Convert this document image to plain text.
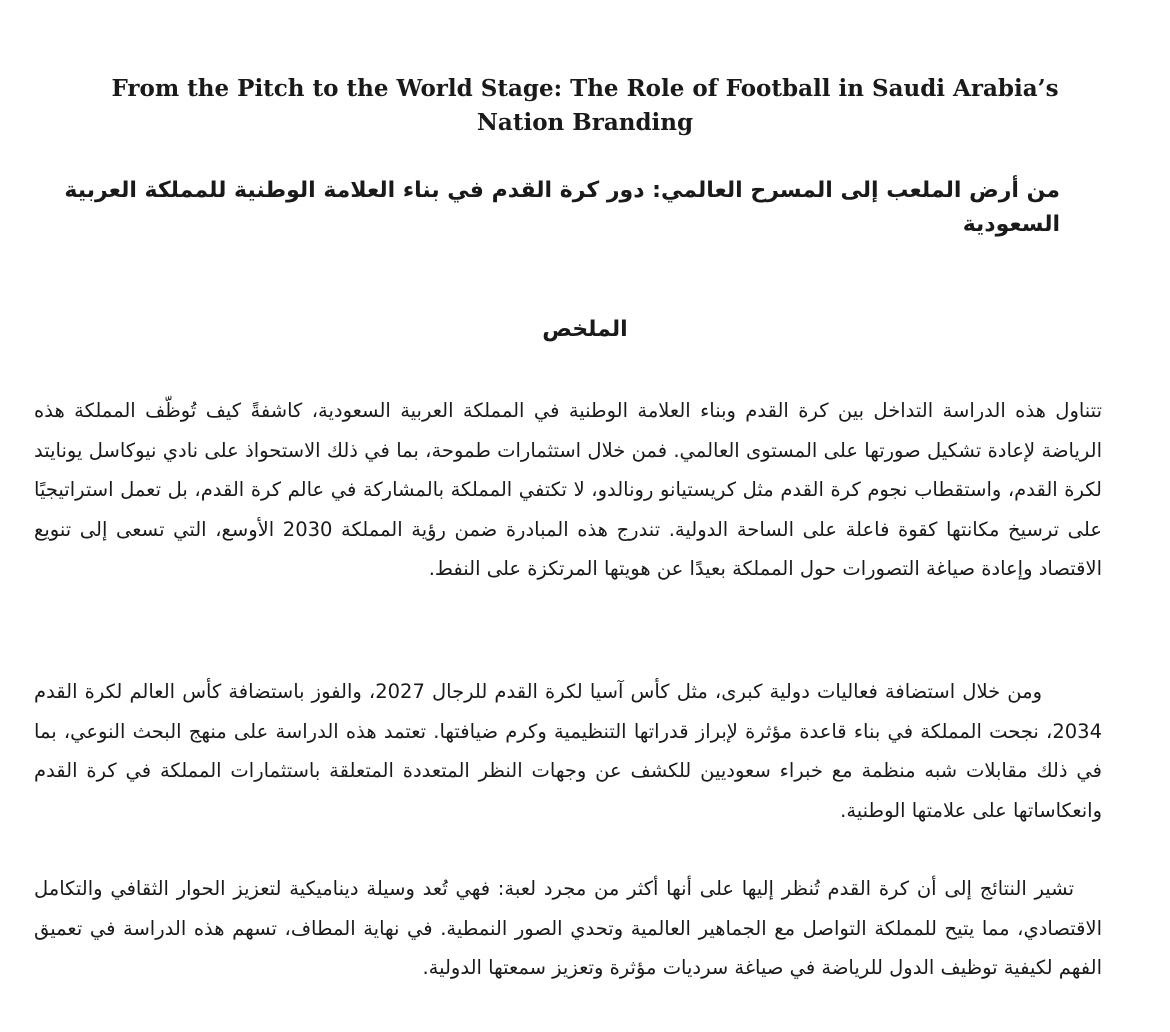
From the Pitch to the World Stage: The Role of Football in Saudi Arabia’s Nation Branding
من أرض الملعب إلى المسرح العالمي: دور كرة القدم في بناء العلامة الوطنية للمملكة العربية السعودية
الملخص

تتناول هذه الدراسة التداخل بين كرة القدم وبناء العلامة الوطنية في المملكة العربية السعودية، كاشفةً كيف تُوظّف المملكة هذه الرياضة لإعادة تشكيل صورتها على المستوى العالمي. فمن خلال استثمارات طموحة، بما في ذلك الاستحواذ على نادي نيوكاسل يونايتد لكرة القدم، واستقطاب نجوم كرة القدم مثل كريستيانو رونالدو، لا تكتفي المملكة بالمشاركة في عالم كرة القدم، بل تعمل استراتيجيًا على ترسيخ مكانتها كقوة فاعلة على الساحة الدولية. تندرج هذه المبادرة ضمن رؤية المملكة 2030 الأوسع، التي تسعى إلى تنويع الاقتصاد وإعادة صياغة التصورات حول المملكة بعيدًا عن هويتها المرتكزة على النفط.

ومن خلال استضافة فعاليات دولية كبرى، مثل كأس آسيا لكرة القدم للرجال 2027، والفوز باستضافة كأس العالم لكرة القدم 2034، نجحت المملكة في بناء قاعدة مؤثرة لإبراز قدراتها التنظيمية وكرم ضيافتها. تعتمد هذه الدراسة على منهج البحث النوعي، بما في ذلك مقابلات شبه منظمة مع خبراء سعوديين للكشف عن وجهات النظر المتعددة المتعلقة باستثمارات المملكة في كرة القدم وانعكاساتها على علامتها الوطنية.

تشير النتائج إلى أن كرة القدم تُنظر إليها على أنها أكثر من مجرد لعبة: فهي تُعد وسيلة ديناميكية لتعزيز الحوار الثقافي والتكامل الاقتصادي، مما يتيح للمملكة التواصل مع الجماهير العالمية وتحدي الصور النمطية. في نهاية المطاف، تسهم هذه الدراسة في تعميق الفهم لكيفية توظيف الدول للرياضة في صياغة سرديات مؤثرة وتعزيز سمعتها الدولية.
